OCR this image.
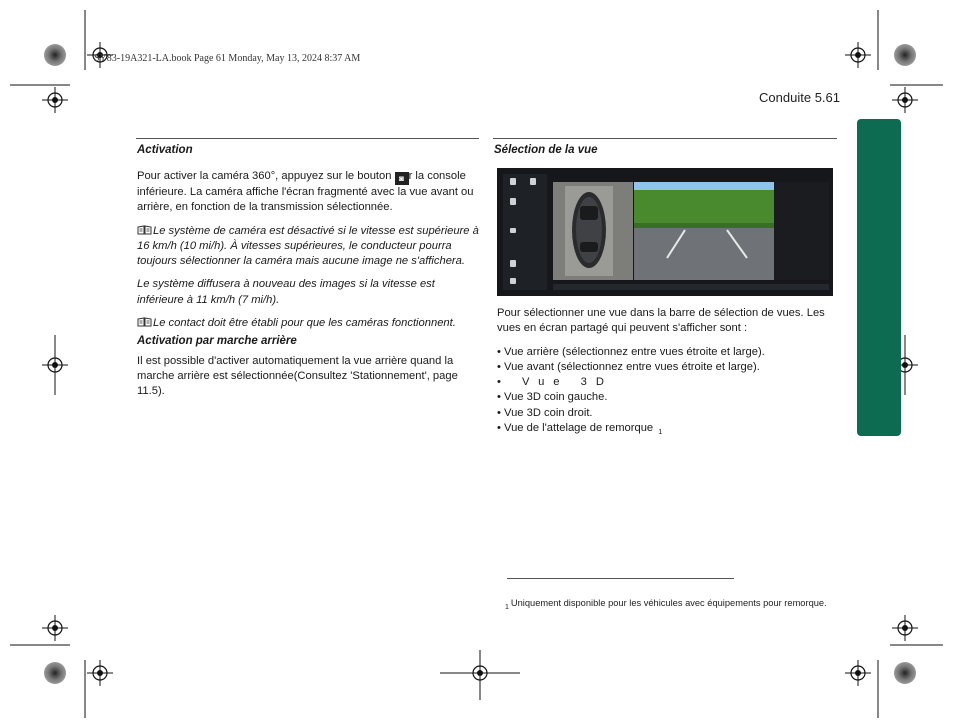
SY83-19A321-LA.book Page 61 Monday, May 13, 2024 8:37 AM
Conduite 5.61
Activation

Pour activer la caméra 360°, appuyez sur le bouton ◙ r la console inférieure. La caméra affiche l'écran fragmenté avec la vue avant ou arrière, en fonction de la transmission sélectionnée.

Le système de caméra est désactivé si le vitesse est supérieure à 16 km/h (10 mi/h). À vitesses supérieures, le conducteur pourra toujours sélectionner la caméra mais aucune image ne s'affichera.

Le système diffusera à nouveau des images si la vitesse est inférieure à 11 km/h (7 mi/h).

Le contact doit être établi pour que les caméras fonctionnent.

Activation par marche arrière

Il est possible d'activer automatiquement la vue arrière quand la marche arrière est sélectionnée(Consultez 'Stationnement', page 11.5).

Sélection de la vue

Pour sélectionner une vue dans la barre de sélection de vues. Les vues en écran partagé qui peuvent s'afficher sont :

• Vue arrière (sélectionnez entre vues étroite et large).
• Vue avant (sélectionnez entre vues étroite et large).
• Vue 3D
• Vue 3D coin gauche.
• Vue 3D coin droit.
• Vue de l'attelage de remorque $^1$
$^1$ Uniquement disponible pour les véhicules avec équipements pour remorque.
